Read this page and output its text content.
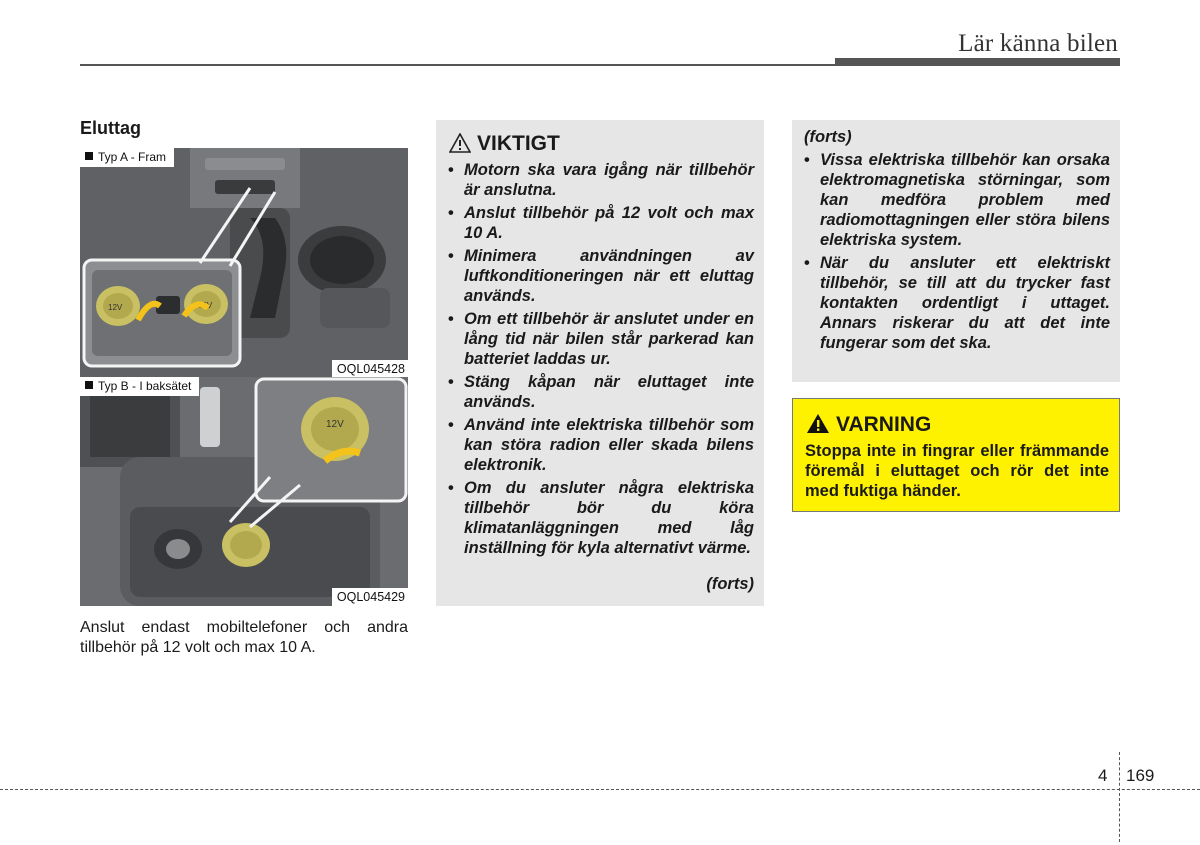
Lär känna bilen
Eluttag
12V	12V
Typ A - Fram
OQL045428
12V
Typ B - I baksätet
OQL045429
Anslut endast mobiltelefoner och andra tillbehör på 12 volt och max 10 A.
VIKTIGT
• Motorn ska vara igång när tillbehör är anslutna.
• Anslut tillbehör på 12 volt och max 10 A.
• Minimera användningen av luftkonditioneringen när ett eluttag används.
• Om ett tillbehör är anslutet under en lång tid när bilen står parkerad kan batteriet laddas ur.
• Stäng kåpan när eluttaget inte används.
• Använd inte elektriska tillbehör som kan störa radion eller skada bilens elektronik.
• Om du ansluter några elektriska tillbehör bör du köra klimatanläggningen med låg inställning för kyla alternativt värme.
(forts)
(forts)
• Vissa elektriska tillbehör kan orsaka elektromagnetiska störningar, som kan medföra problem med radiomottagningen eller störa bilens elektriska system.
• När du ansluter ett elektriskt tillbehör, se till att du trycker fast kontakten ordentligt i uttaget. Annars riskerar du att det inte fungerar som det ska.
VARNING
Stoppa inte in fingrar eller främmande föremål i eluttaget och rör det inte med fuktiga händer.
4 169
